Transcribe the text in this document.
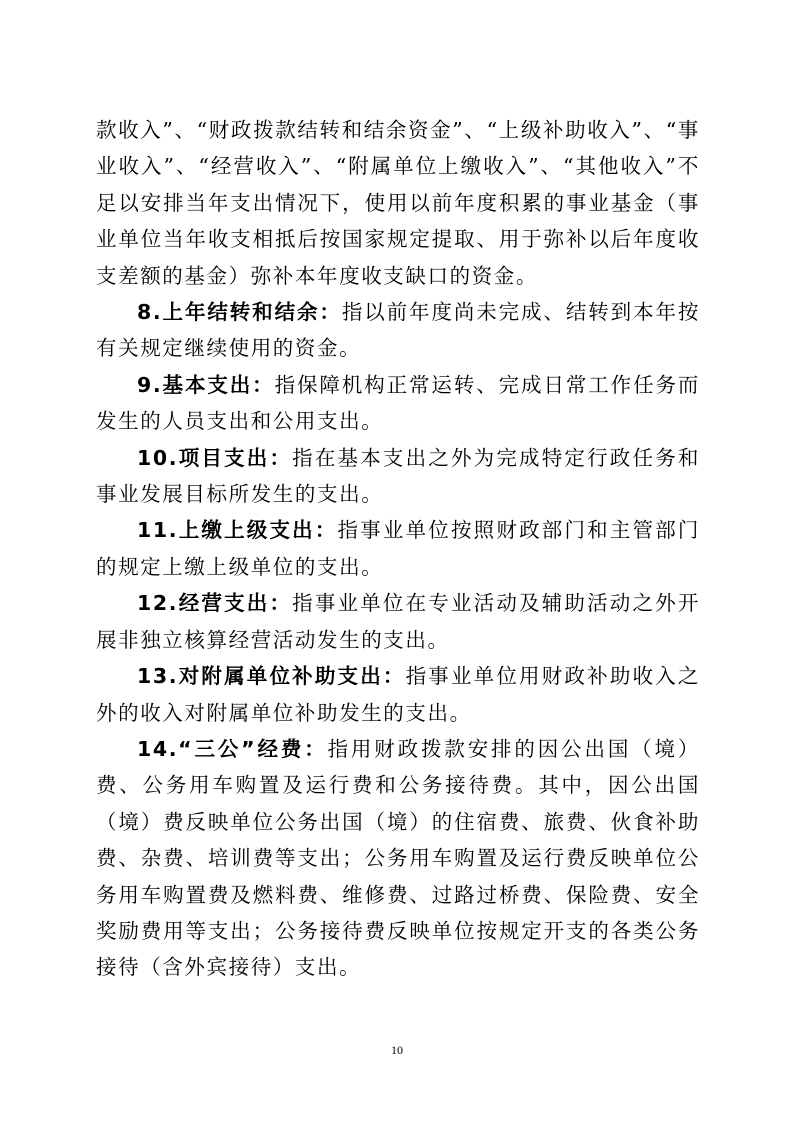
款收入”、“财政拨款结转和结余资金”、“上级补助收入”、“事业收入”、“经营收入”、“附属单位上缴收入”、“其他收入”不足以安排当年支出情况下，使用以前年度积累的事业基金（事业单位当年收支相抵后按国家规定提取、用于弥补以后年度收支差额的基金）弥补本年度收支缺口的资金。

8.上年结转和结余：指以前年度尚未完成、结转到本年按有关规定继续使用的资金。

9.基本支出：指保障机构正常运转、完成日常工作任务而发生的人员支出和公用支出。

10.项目支出：指在基本支出之外为完成特定行政任务和事业发展目标所发生的支出。

11.上缴上级支出：指事业单位按照财政部门和主管部门的规定上缴上级单位的支出。

12.经营支出：指事业单位在专业活动及辅助活动之外开展非独立核算经营活动发生的支出。

13.对附属单位补助支出：指事业单位用财政补助收入之外的收入对附属单位补助发生的支出。

14.“三公”经费：指用财政拨款安排的因公出国（境）费、公务用车购置及运行费和公务接待费。其中，因公出国（境）费反映单位公务出国（境）的住宿费、旅费、伙食补助费、杂费、培训费等支出；公务用车购置及运行费反映单位公务用车购置费及燃料费、维修费、过路过桥费、保险费、安全奖励费用等支出；公务接待费反映单位按规定开支的各类公务接待（含外宾接待）支出。

10
